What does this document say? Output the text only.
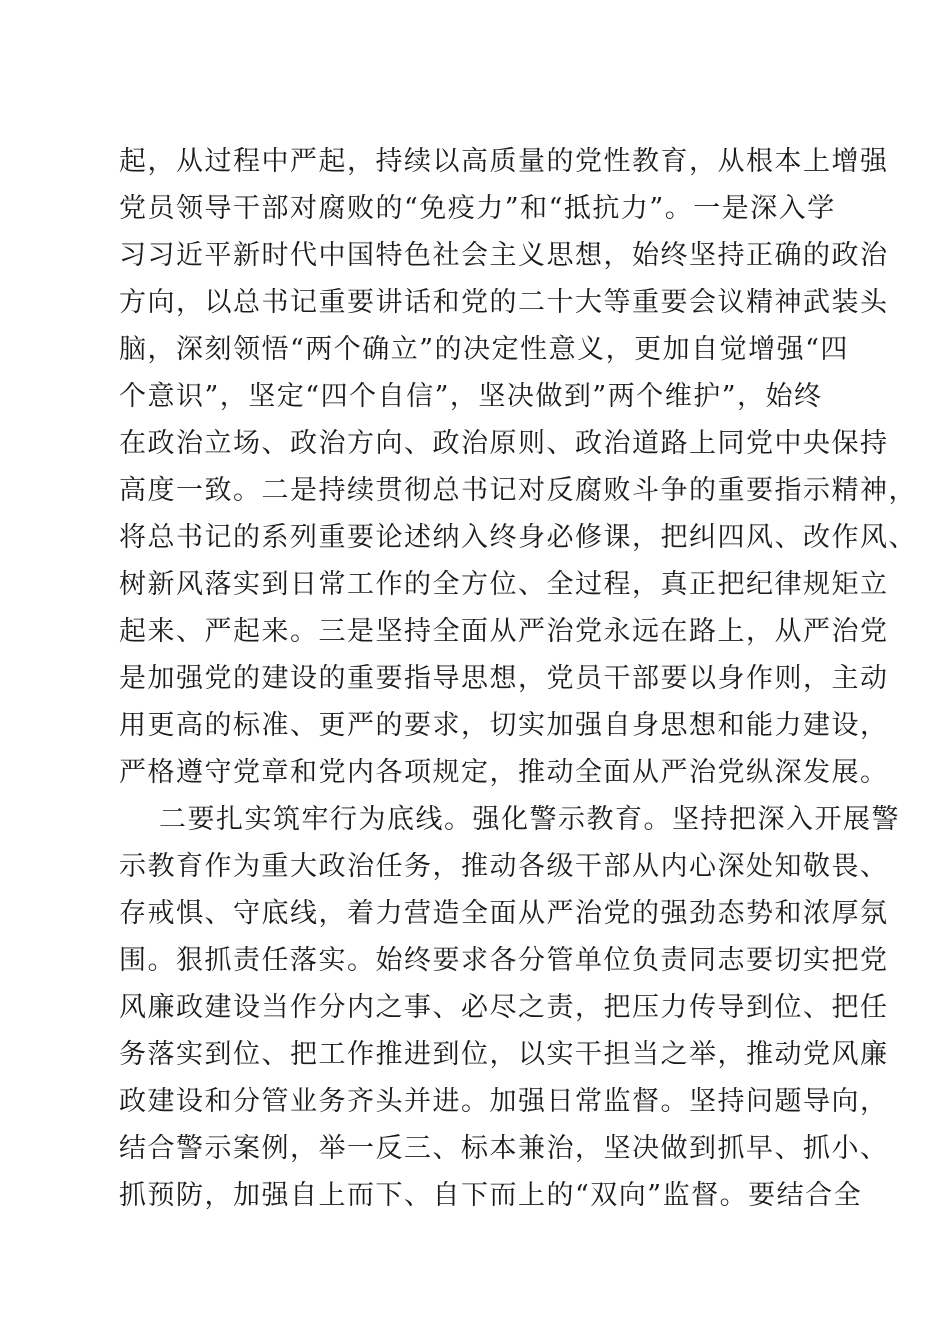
起，从过程中严起，持续以高质量的党性教育，从根本上增强
党员领导干部对腐败的“免疫力”和“抵抗力”。一是深入学
习习近平新时代中国特色社会主义思想，始终坚持正确的政治
方向，以总书记重要讲话和党的二十大等重要会议精神武装头
脑，深刻领悟“两个确立”的决定性意义，更加自觉增强“四
个意识”，坚定“四个自信”，坚决做到”两个维护”，始终
在政治立场、政治方向、政治原则、政治道路上同党中央保持
高度一致。二是持续贯彻总书记对反腐败斗争的重要指示精神，
将总书记的系列重要论述纳入终身必修课，把纠四风、改作风、
树新风落实到日常工作的全方位、全过程，真正把纪律规矩立
起来、严起来。三是坚持全面从严治党永远在路上，从严治党
是加强党的建设的重要指导思想，党员干部要以身作则，主动
用更高的标准、更严的要求，切实加强自身思想和能力建设，
严格遵守党章和党内各项规定，推动全面从严治党纵深发展。
二要扎实筑牢行为底线。强化警示教育。坚持把深入开展警
示教育作为重大政治任务，推动各级干部从内心深处知敬畏、
存戒惧、守底线，着力营造全面从严治党的强劲态势和浓厚氛
围。狠抓责任落实。始终要求各分管单位负责同志要切实把党
风廉政建设当作分内之事、必尽之责，把压力传导到位、把任
务落实到位、把工作推进到位，以实干担当之举，推动党风廉
政建设和分管业务齐头并进。加强日常监督。坚持问题导向，
结合警示案例，举一反三、标本兼治，坚决做到抓早、抓小、
抓预防，加强自上而下、自下而上的“双向”监督。要结合全
